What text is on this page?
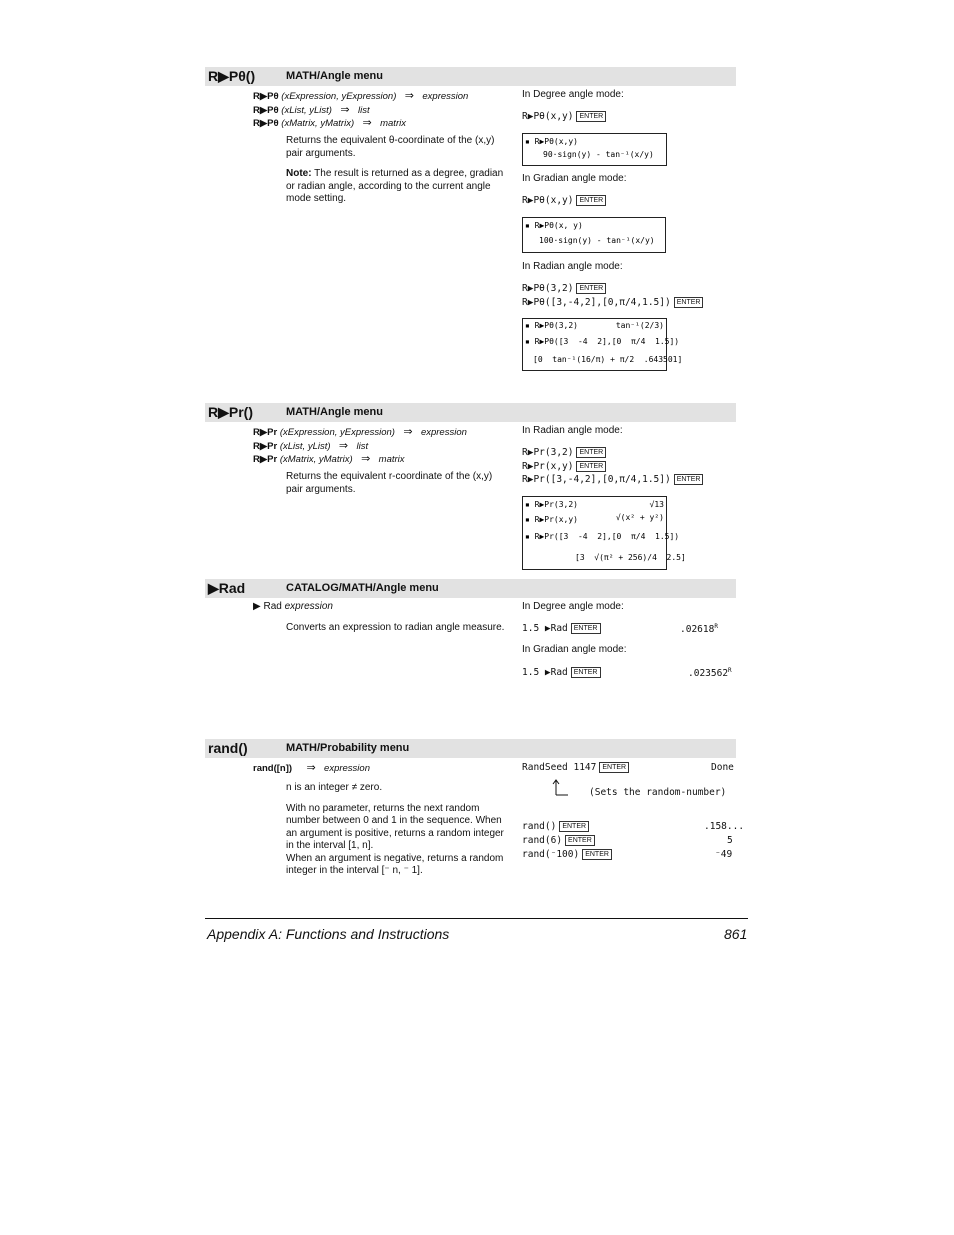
R▶Pθ()	MATH/Angle menu
R▶Pθ (xExpression, yExpression) ⇒ expression
R▶Pθ (xList, yList) ⇒ list
R▶Pθ (xMatrix, yMatrix) ⇒ matrix

Returns the equivalent θ-coordinate of the (x,y) pair arguments.

Note: The result is returned as a degree, gradian or radian angle, according to the current angle mode setting.

In Degree angle mode:
R▶Pθ(x,y) ENTER
▪ R▶Pθ(x,y)
90·sign(y) - tan⁻¹(x/y)
In Gradian angle mode:
R▶Pθ(x,y) ENTER
▪ R▶Pθ(x, y)
100·sign(y) - tan⁻¹(x/y)
In Radian angle mode:
R▶Pθ(3,2) ENTER
R▶Pθ([3,-4,2],[0,π/4,1.5]) ENTER
▪ R▶Pθ(3,2)	tan⁻¹(2/3)
▪ R▶Pθ([3  -4  2],[0  π/4  1.5])
[0  tan⁻¹(16/π) + π/2  .643501]
R▶Pr()	MATH/Angle menu
R▶Pr (xExpression, yExpression) ⇒ expression
R▶Pr (xList, yList) ⇒ list
R▶Pr (xMatrix, yMatrix) ⇒ matrix

Returns the equivalent r-coordinate of the (x,y) pair arguments.

In Radian angle mode:
R▶Pr(3,2) ENTER
R▶Pr(x,y) ENTER
R▶Pr([3,-4,2],[0,π/4,1.5]) ENTER
▪ R▶Pr(3,2)	√13
▪ R▶Pr(x,y)	√(x² + y²)
▪ R▶Pr([3  -4  2],[0  π/4  1.5])
[3  √(π² + 256)/4  2.5]
▶Rad	CATALOG/MATH/Angle menu
▶ Rad expression

Converts an expression to radian angle measure.

In Degree angle mode:
1.5 ▶Rad ENTER	$.02618^R$
In Gradian angle mode:
1.5 ▶Rad ENTER	$.023562^R$
rand()	MATH/Probability menu
rand([n]) ⇒ expression

n is an integer ≠ zero.

With no parameter, returns the next random number between 0 and 1 in the sequence. When an argument is positive, returns a random integer in the interval [1, n].

When an argument is negative, returns a random integer in the interval [⁻ n, ⁻ 1].

RandSeed 1147 ENTER	Done
(Sets the random-number)
rand() ENTER	.158...
rand(6) ENTER	5
rand(⁻100) ENTER	⁻49
Appendix A: Functions and Instructions	861
